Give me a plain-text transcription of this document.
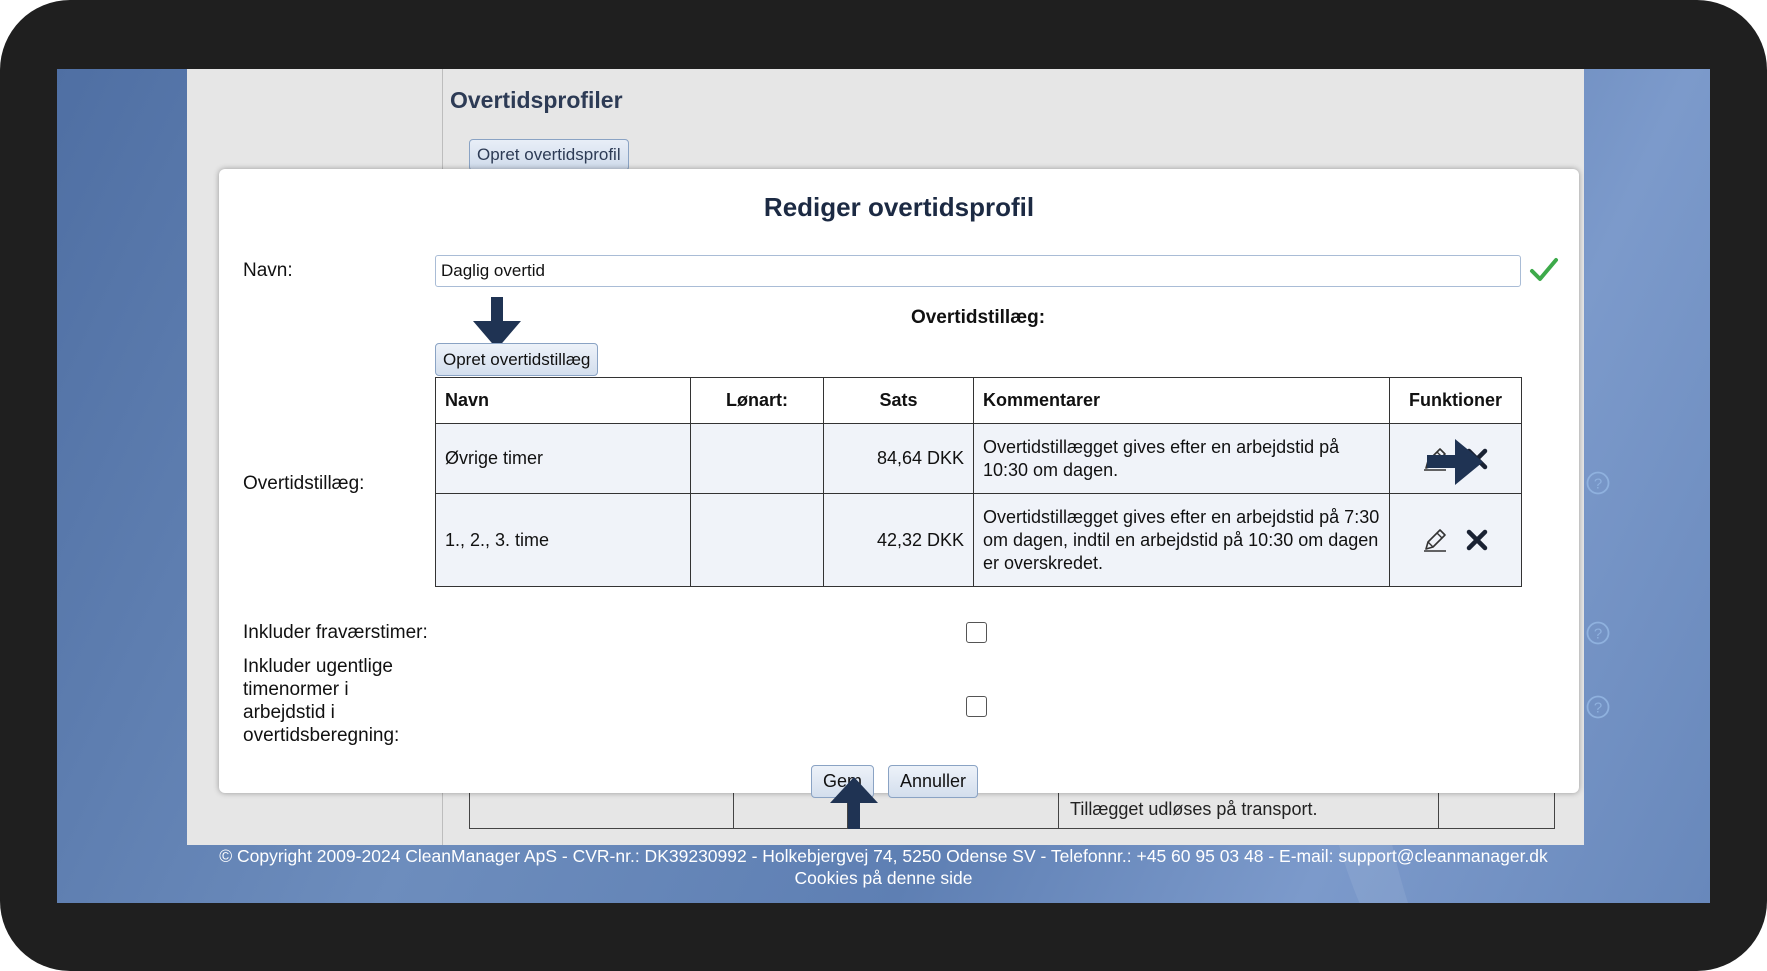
Overtidsprofiler
Opret overtidsprofil
Tillægget udløses på transport.
© Copyright 2009-2024 CleanManager ApS - CVR-nr.: DK39230992 - Holkebjergvej 74, 5250 Odense SV - Telefonnr.: +45 60 95 03 48 - E-mail: support@cleanmanager.dk
Cookies på denne side
Rediger overtidsprofil
Navn:
Daglig overtid
Overtidstillæg:
Opret overtidstillæg
Overtidstillæg:
Navn	Lønart:	Sats	Kommentarer	Funktioner
Øvrige timer		84,64 DKK	Overtidstillægget gives efter en arbejdstid på 10:30 om dagen.	
1., 2., 3. time		42,32 DKK	Overtidstillægget gives efter en arbejdstid på 7:30 om dagen, indtil en arbejdstid på 10:30 om dagen er overskredet.	
?
Inkluder fraværstimer:	?
Inkluder ugentlige timenormer i arbejdstid i overtidsberegning:
?
Gem	Annuller
